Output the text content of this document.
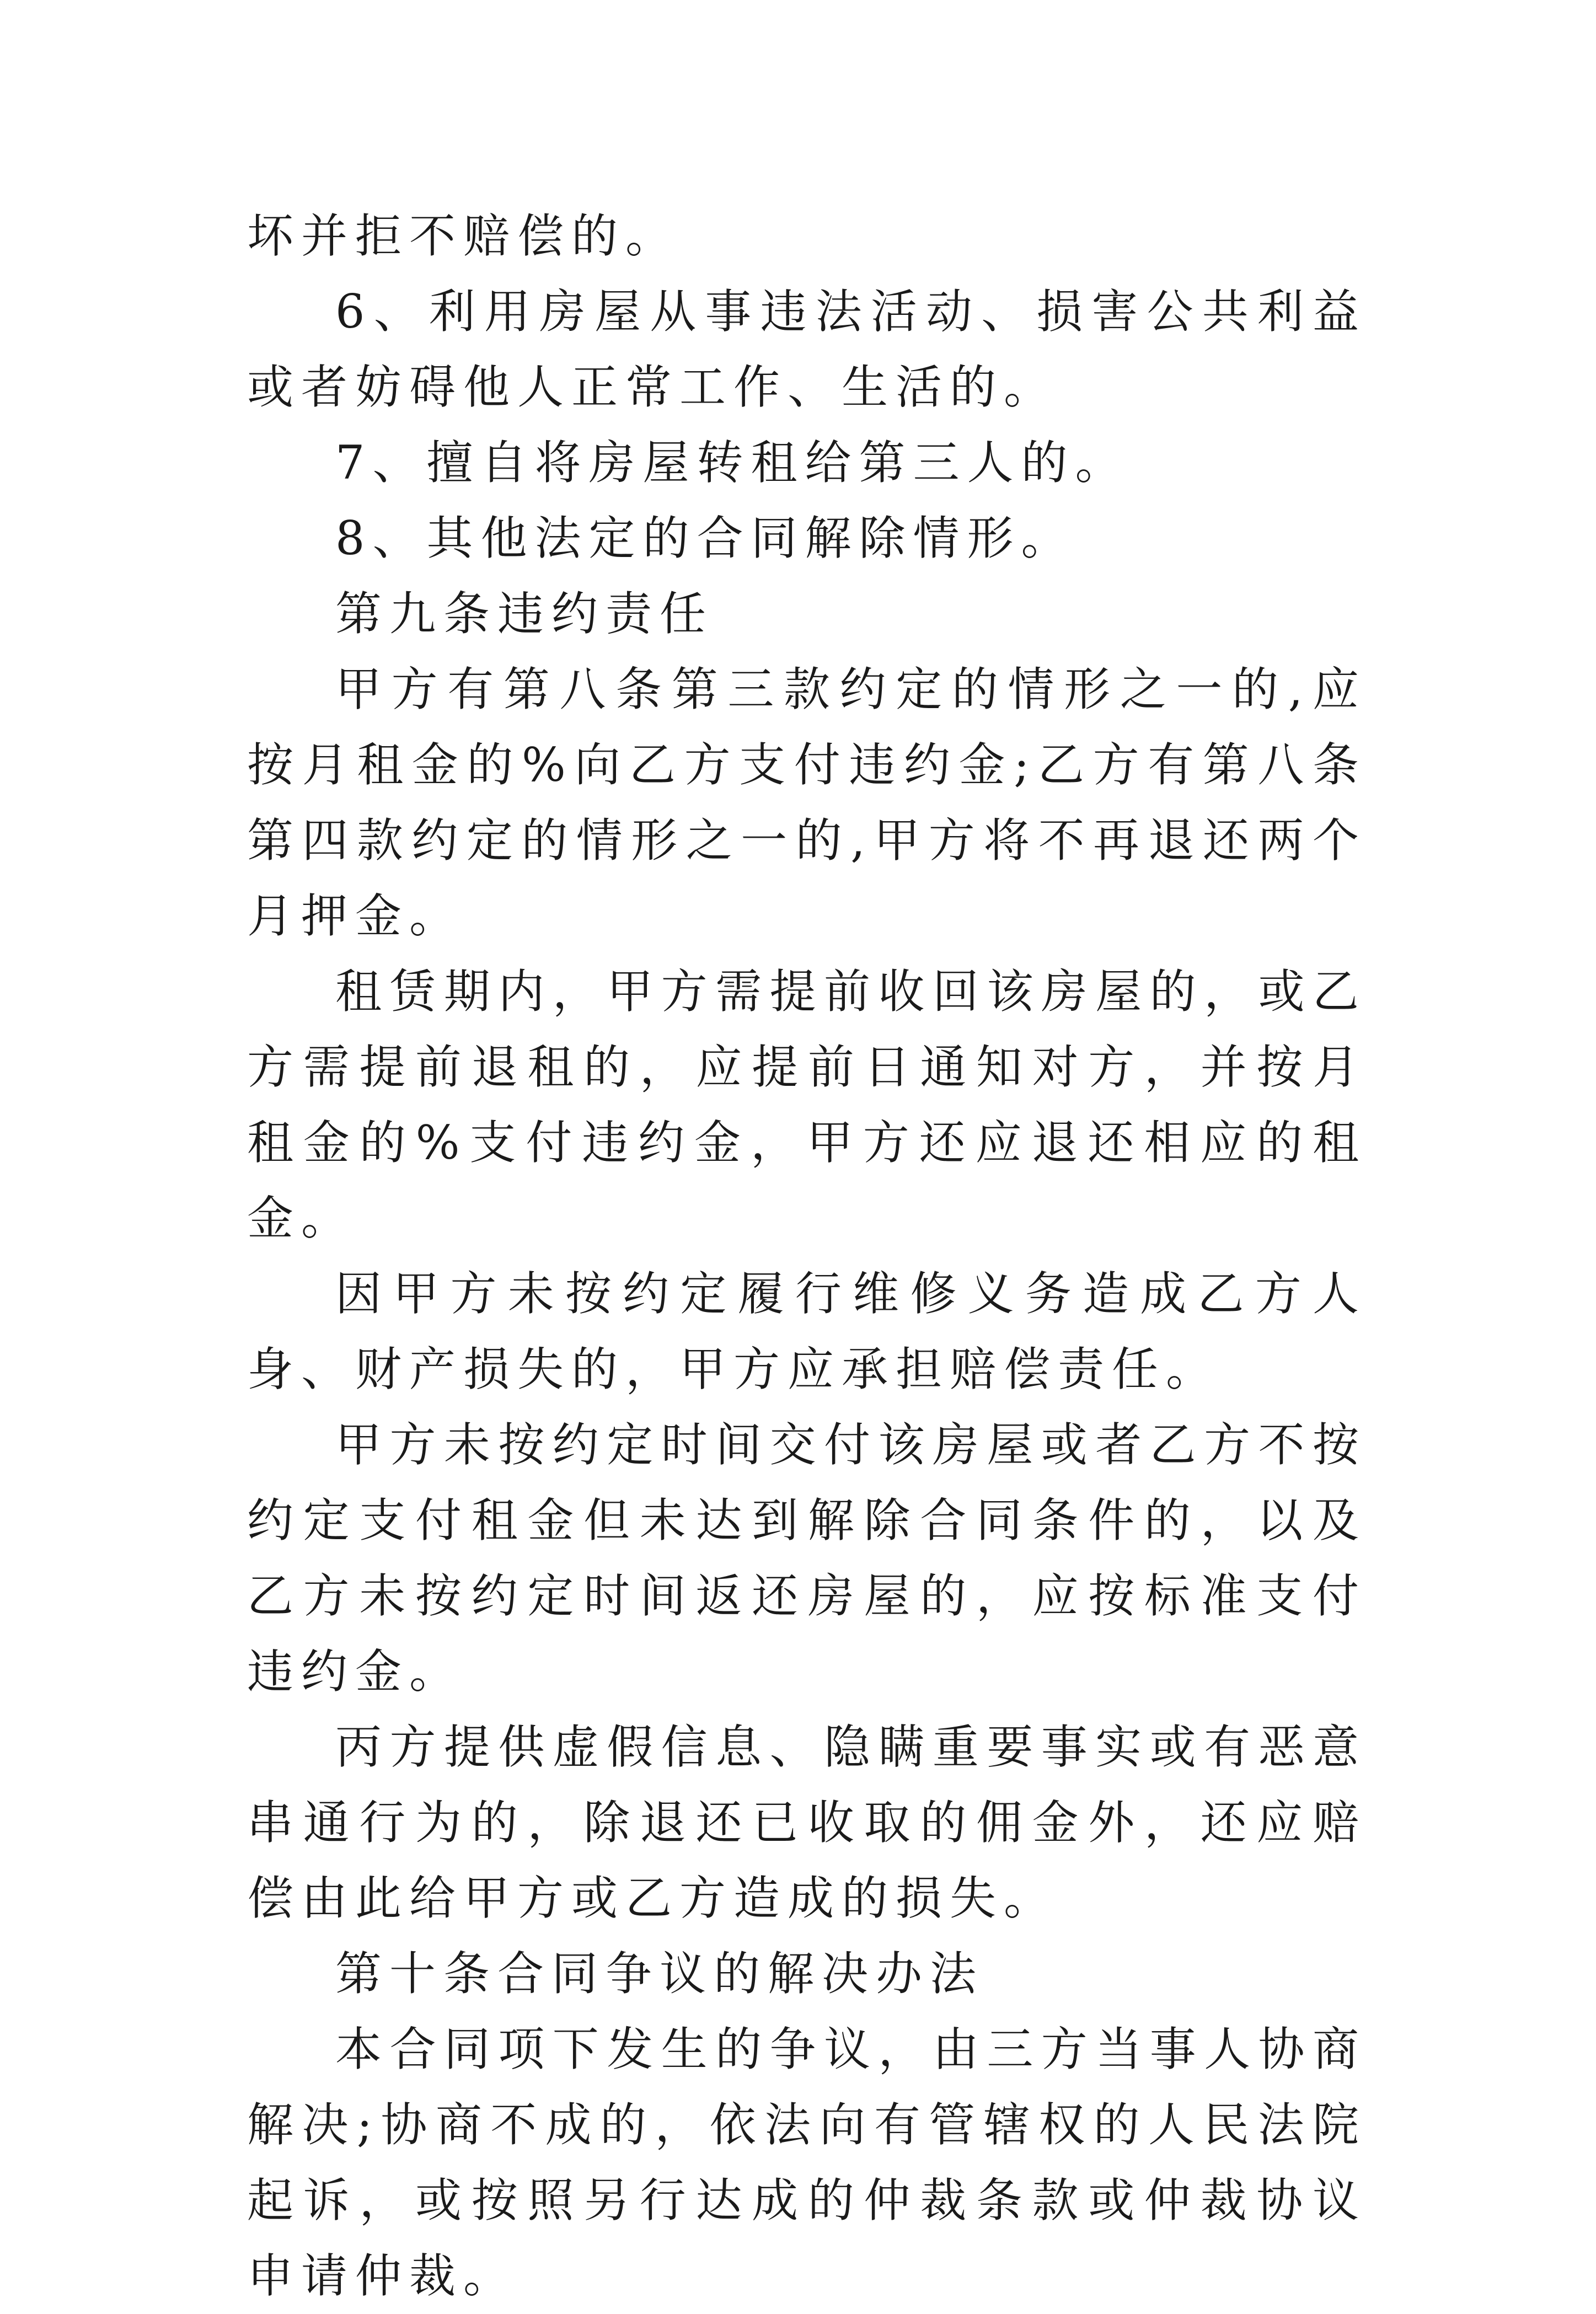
坏并拒不赔偿的。

6、利用房屋从事违法活动、损害公共利益或者妨碍他人正常工作、生活的。

7、擅自将房屋转租给第三人的。

8、其他法定的合同解除情形。

第九条违约责任

甲方有第八条第三款约定的情形之一的,应按月租金的%向乙方支付违约金;乙方有第八条第四款约定的情形之一的,甲方将不再退还两个月押金。

租赁期内，甲方需提前收回该房屋的，或乙方需提前退租的，应提前日通知对方，并按月租金的%支付违约金，甲方还应退还相应的租金。

因甲方未按约定履行维修义务造成乙方人身、财产损失的，甲方应承担赔偿责任。

甲方未按约定时间交付该房屋或者乙方不按约定支付租金但未达到解除合同条件的，以及乙方未按约定时间返还房屋的，应按标准支付违约金。

丙方提供虚假信息、隐瞒重要事实或有恶意串通行为的，除退还已收取的佣金外，还应赔偿由此给甲方或乙方造成的损失。

第十条合同争议的解决办法

本合同项下发生的争议，由三方当事人协商解决;协商不成的，依法向有管辖权的人民法院起诉，或按照另行达成的仲裁条款或仲裁协议申请仲裁。
